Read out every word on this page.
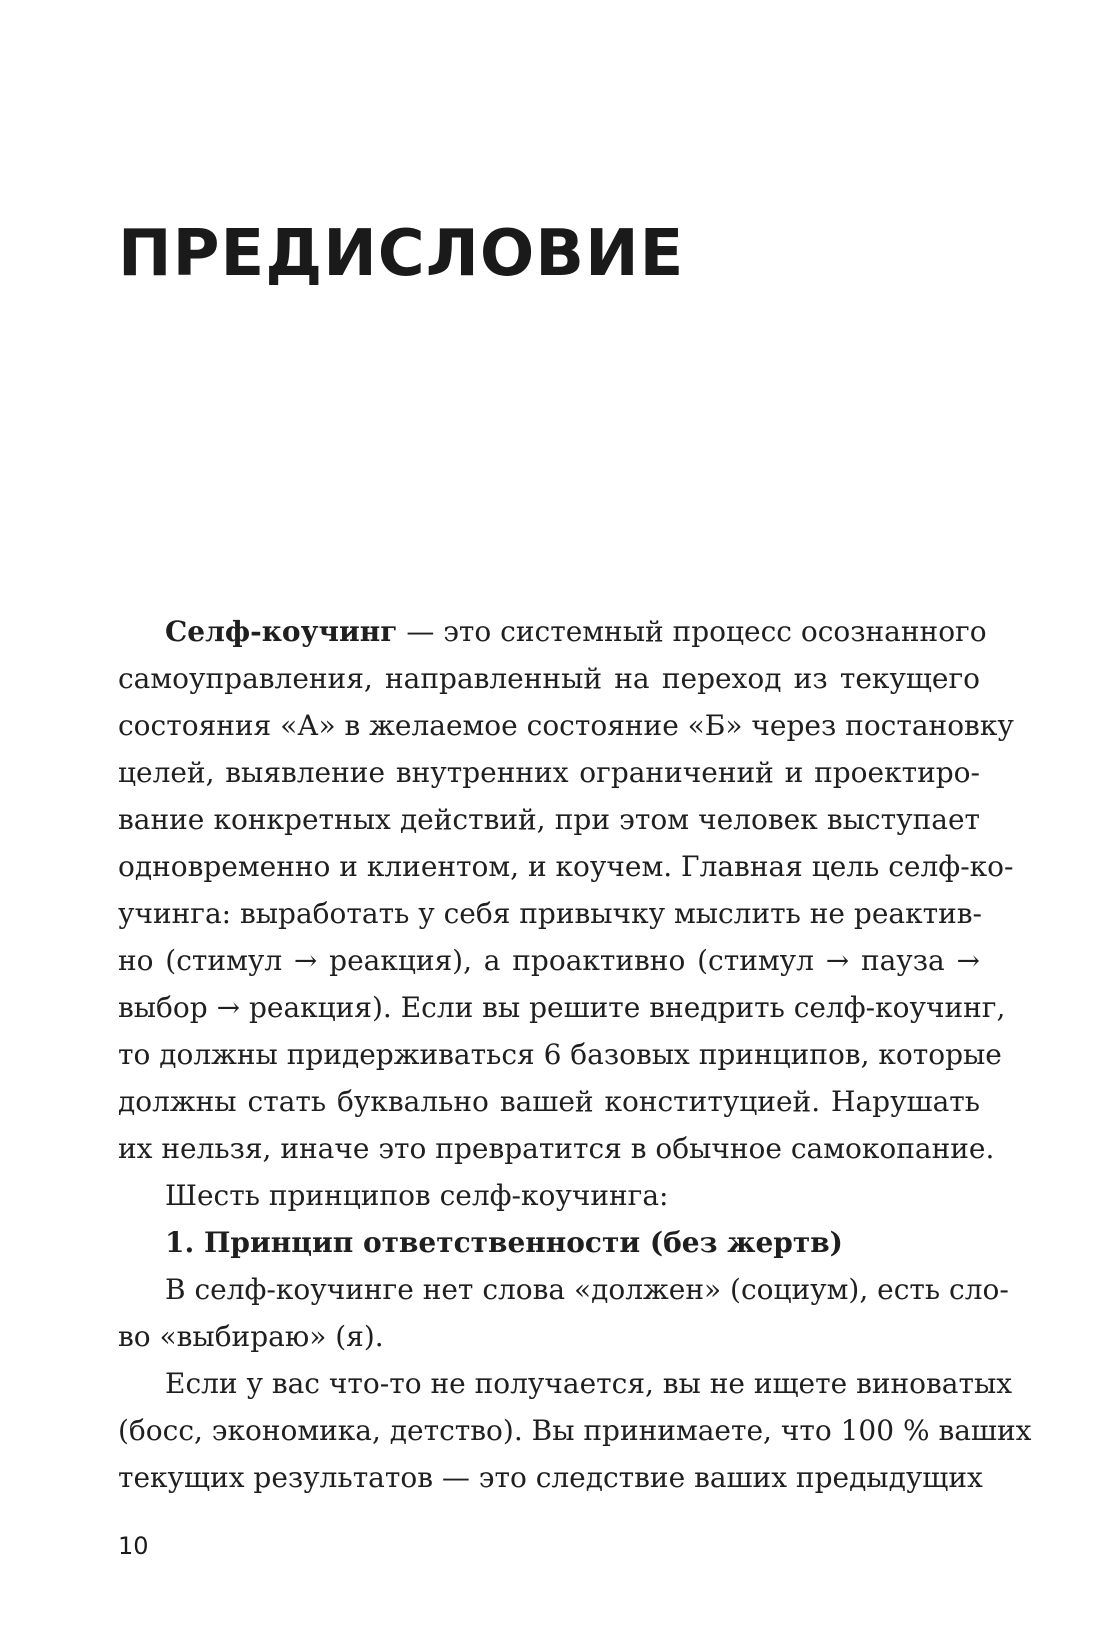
ПРЕДИСЛОВИЕ
Селф-коучинг — это системный процесс осознанного
самоуправления, направленный на переход из текущего
состояния «А» в желаемое состояние «Б» через постановку
целей, выявление внутренних ограничений и проектиро-
вание конкретных действий, при этом человек выступает
одновременно и клиентом, и коучем. Главная цель селф-ко-
учинга: выработать у себя привычку мыслить не реактив-
но (стимул → реакция), а проактивно (стимул → пауза →
выбор → реакция). Если вы решите внедрить селф-коучинг,
то должны придерживаться 6 базовых принципов, которые
должны стать буквально вашей конституцией. Нарушать
их нельзя, иначе это превратится в обычное самокопание.
Шесть принципов селф-коучинга:
1. Принцип ответственности (без жертв)
В селф-коучинге нет слова «должен» (социум), есть сло-
во «выбираю» (я).
Если у вас что-то не получается, вы не ищете виноватых
(босс, экономика, детство). Вы принимаете, что 100 % ваших
текущих результатов — это следствие ваших предыдущих

10
